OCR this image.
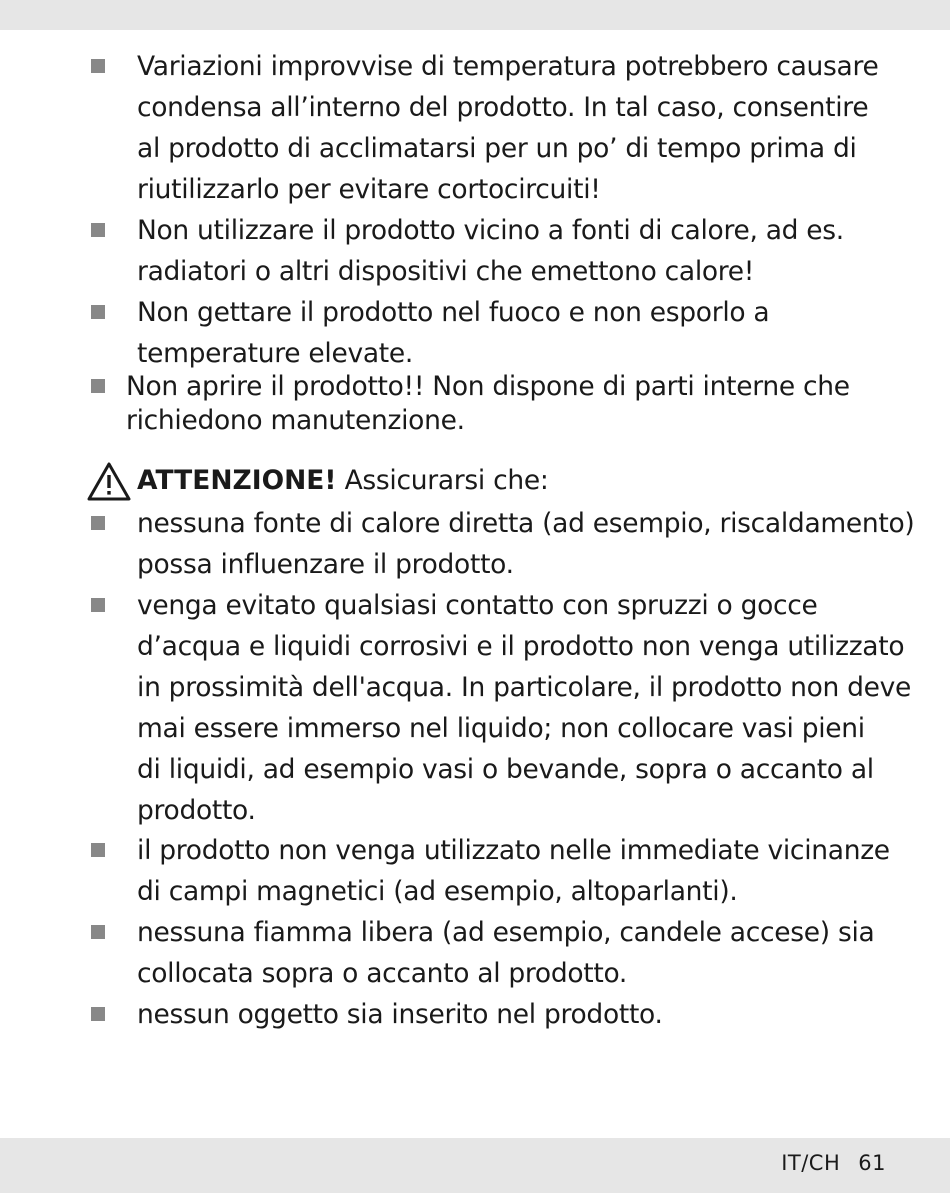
Variazioni improvvise di temperatura potrebbero causare
condensa all’interno del prodotto. In tal caso, consentire
al prodotto di acclimatarsi per un po’ di tempo prima di
riutilizzarlo per evitare cortocircuiti!
Non utilizzare il prodotto vicino a fonti di calore, ad es.
radiatori o altri dispositivi che emettono calore!
Non gettare il prodotto nel fuoco e non esporlo a
temperature elevate.
Non aprire il prodotto!! Non dispone di parti interne che
richiedono manutenzione.
ATTENZIONE! Assicurarsi che:
nessuna fonte di calore diretta (ad esempio, riscaldamento)
possa influenzare il prodotto.
venga evitato qualsiasi contatto con spruzzi o gocce
d’acqua e liquidi corrosivi e il prodotto non venga utilizzato
in prossimità dell'acqua. In particolare, il prodotto non deve
mai essere immerso nel liquido; non collocare vasi pieni
di liquidi, ad esempio vasi o bevande, sopra o accanto al
prodotto.
il prodotto non venga utilizzato nelle immediate vicinanze
di campi magnetici (ad esempio, altoparlanti).
nessuna fiamma libera (ad esempio, candele accese) sia
collocata sopra o accanto al prodotto.
nessun oggetto sia inserito nel prodotto.
IT/CH 61
